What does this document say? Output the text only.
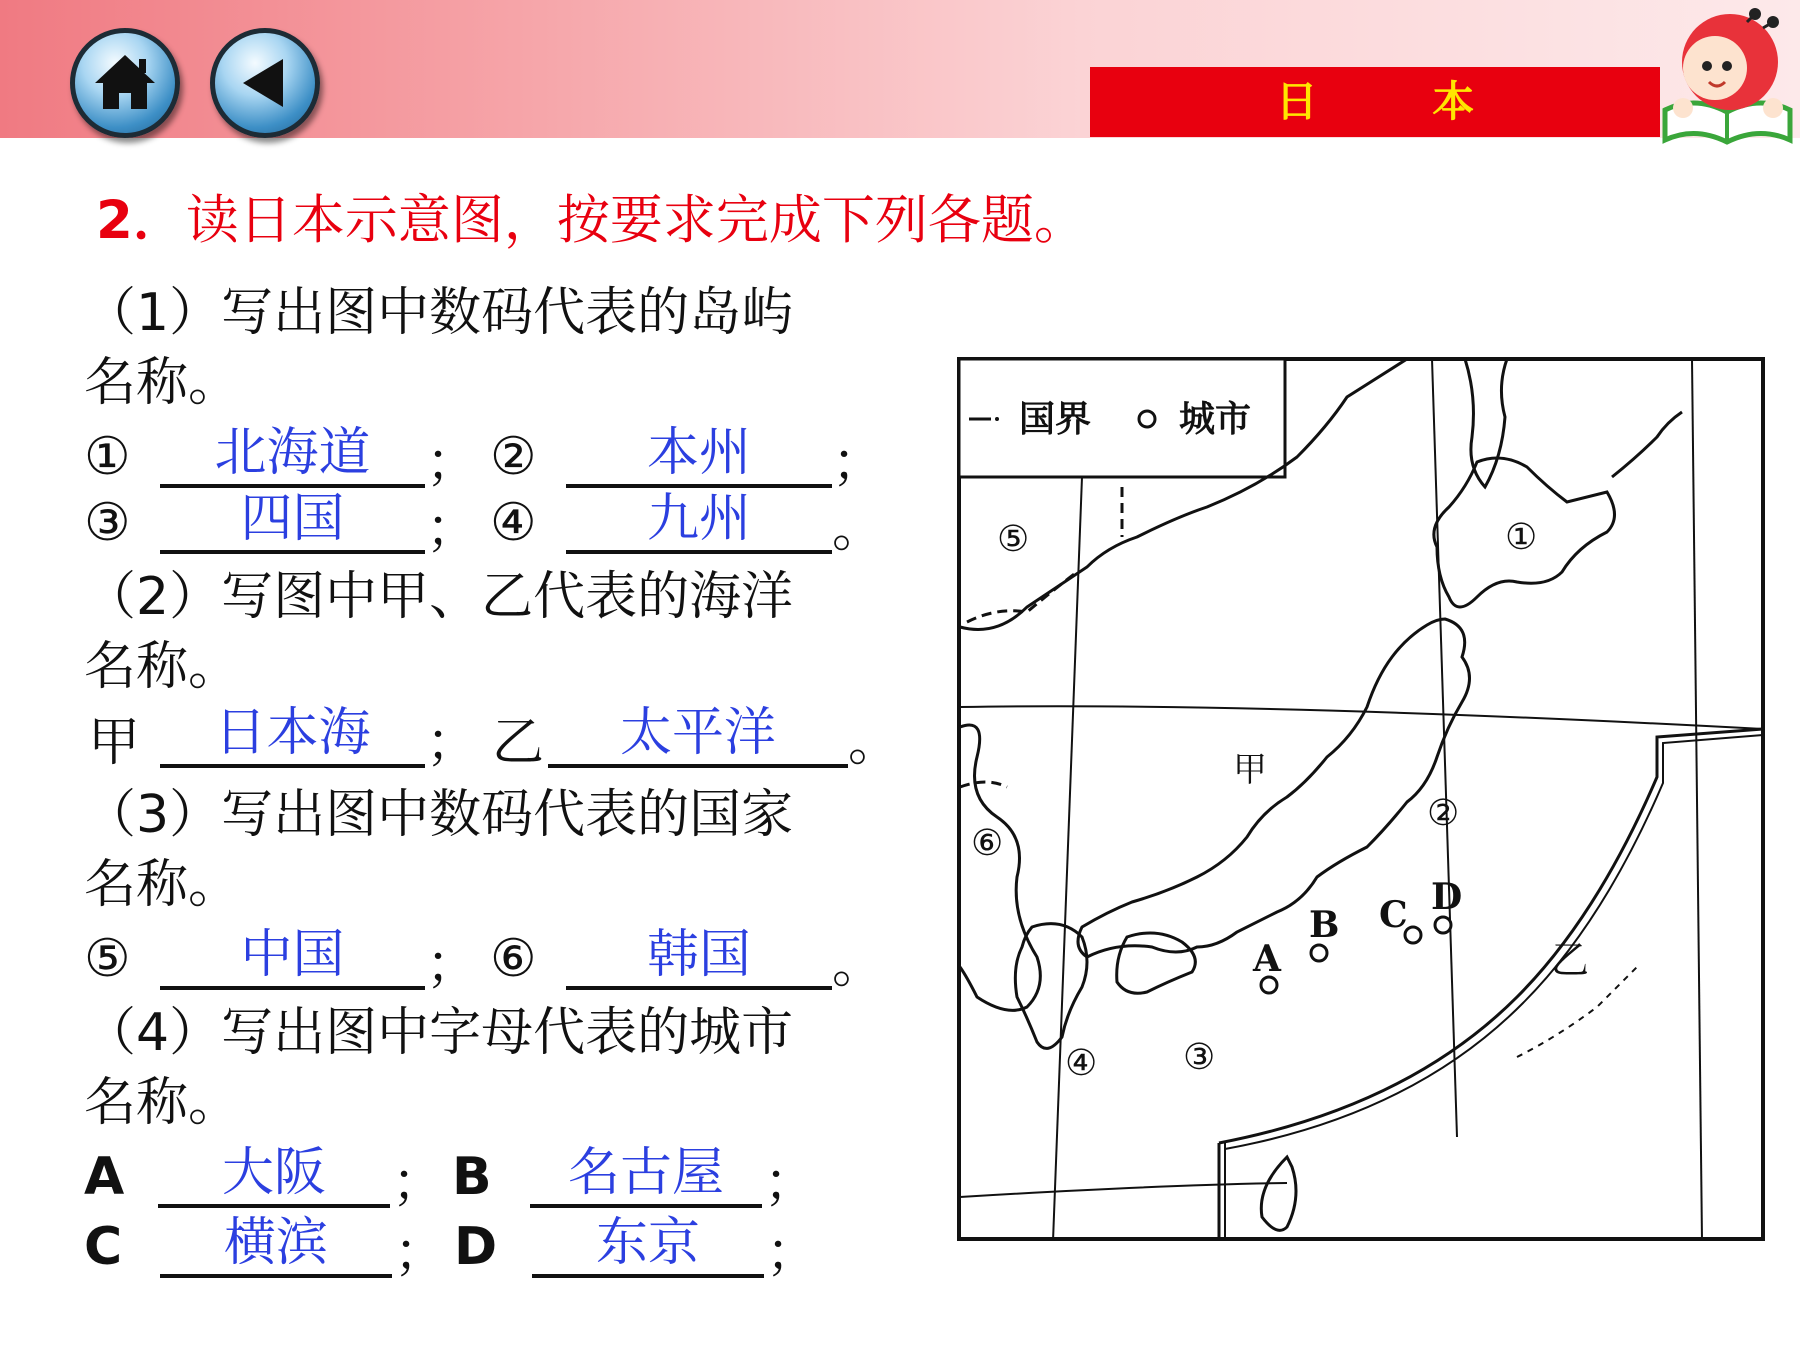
日 本
2．读日本示意图，按要求完成下列各题。
（1）写出图中数码代表的岛屿
名称。
①	北海道	； ②	本州	；
③	四国	； ④	九州	。
（2）写图中甲、乙代表的海洋
名称。
甲	日本海	； 乙	太平洋	。
（3）写出图中数码代表的国家
名称。
⑤	中国	； ⑥	韩国	。
（4）写出图中字母代表的城市
名称。
A	大阪	； B	名古屋 ；
C	横滨	； D	东京	；
国界 城市
①
②
③
④
⑤
⑥
甲
乙
A
B C D
